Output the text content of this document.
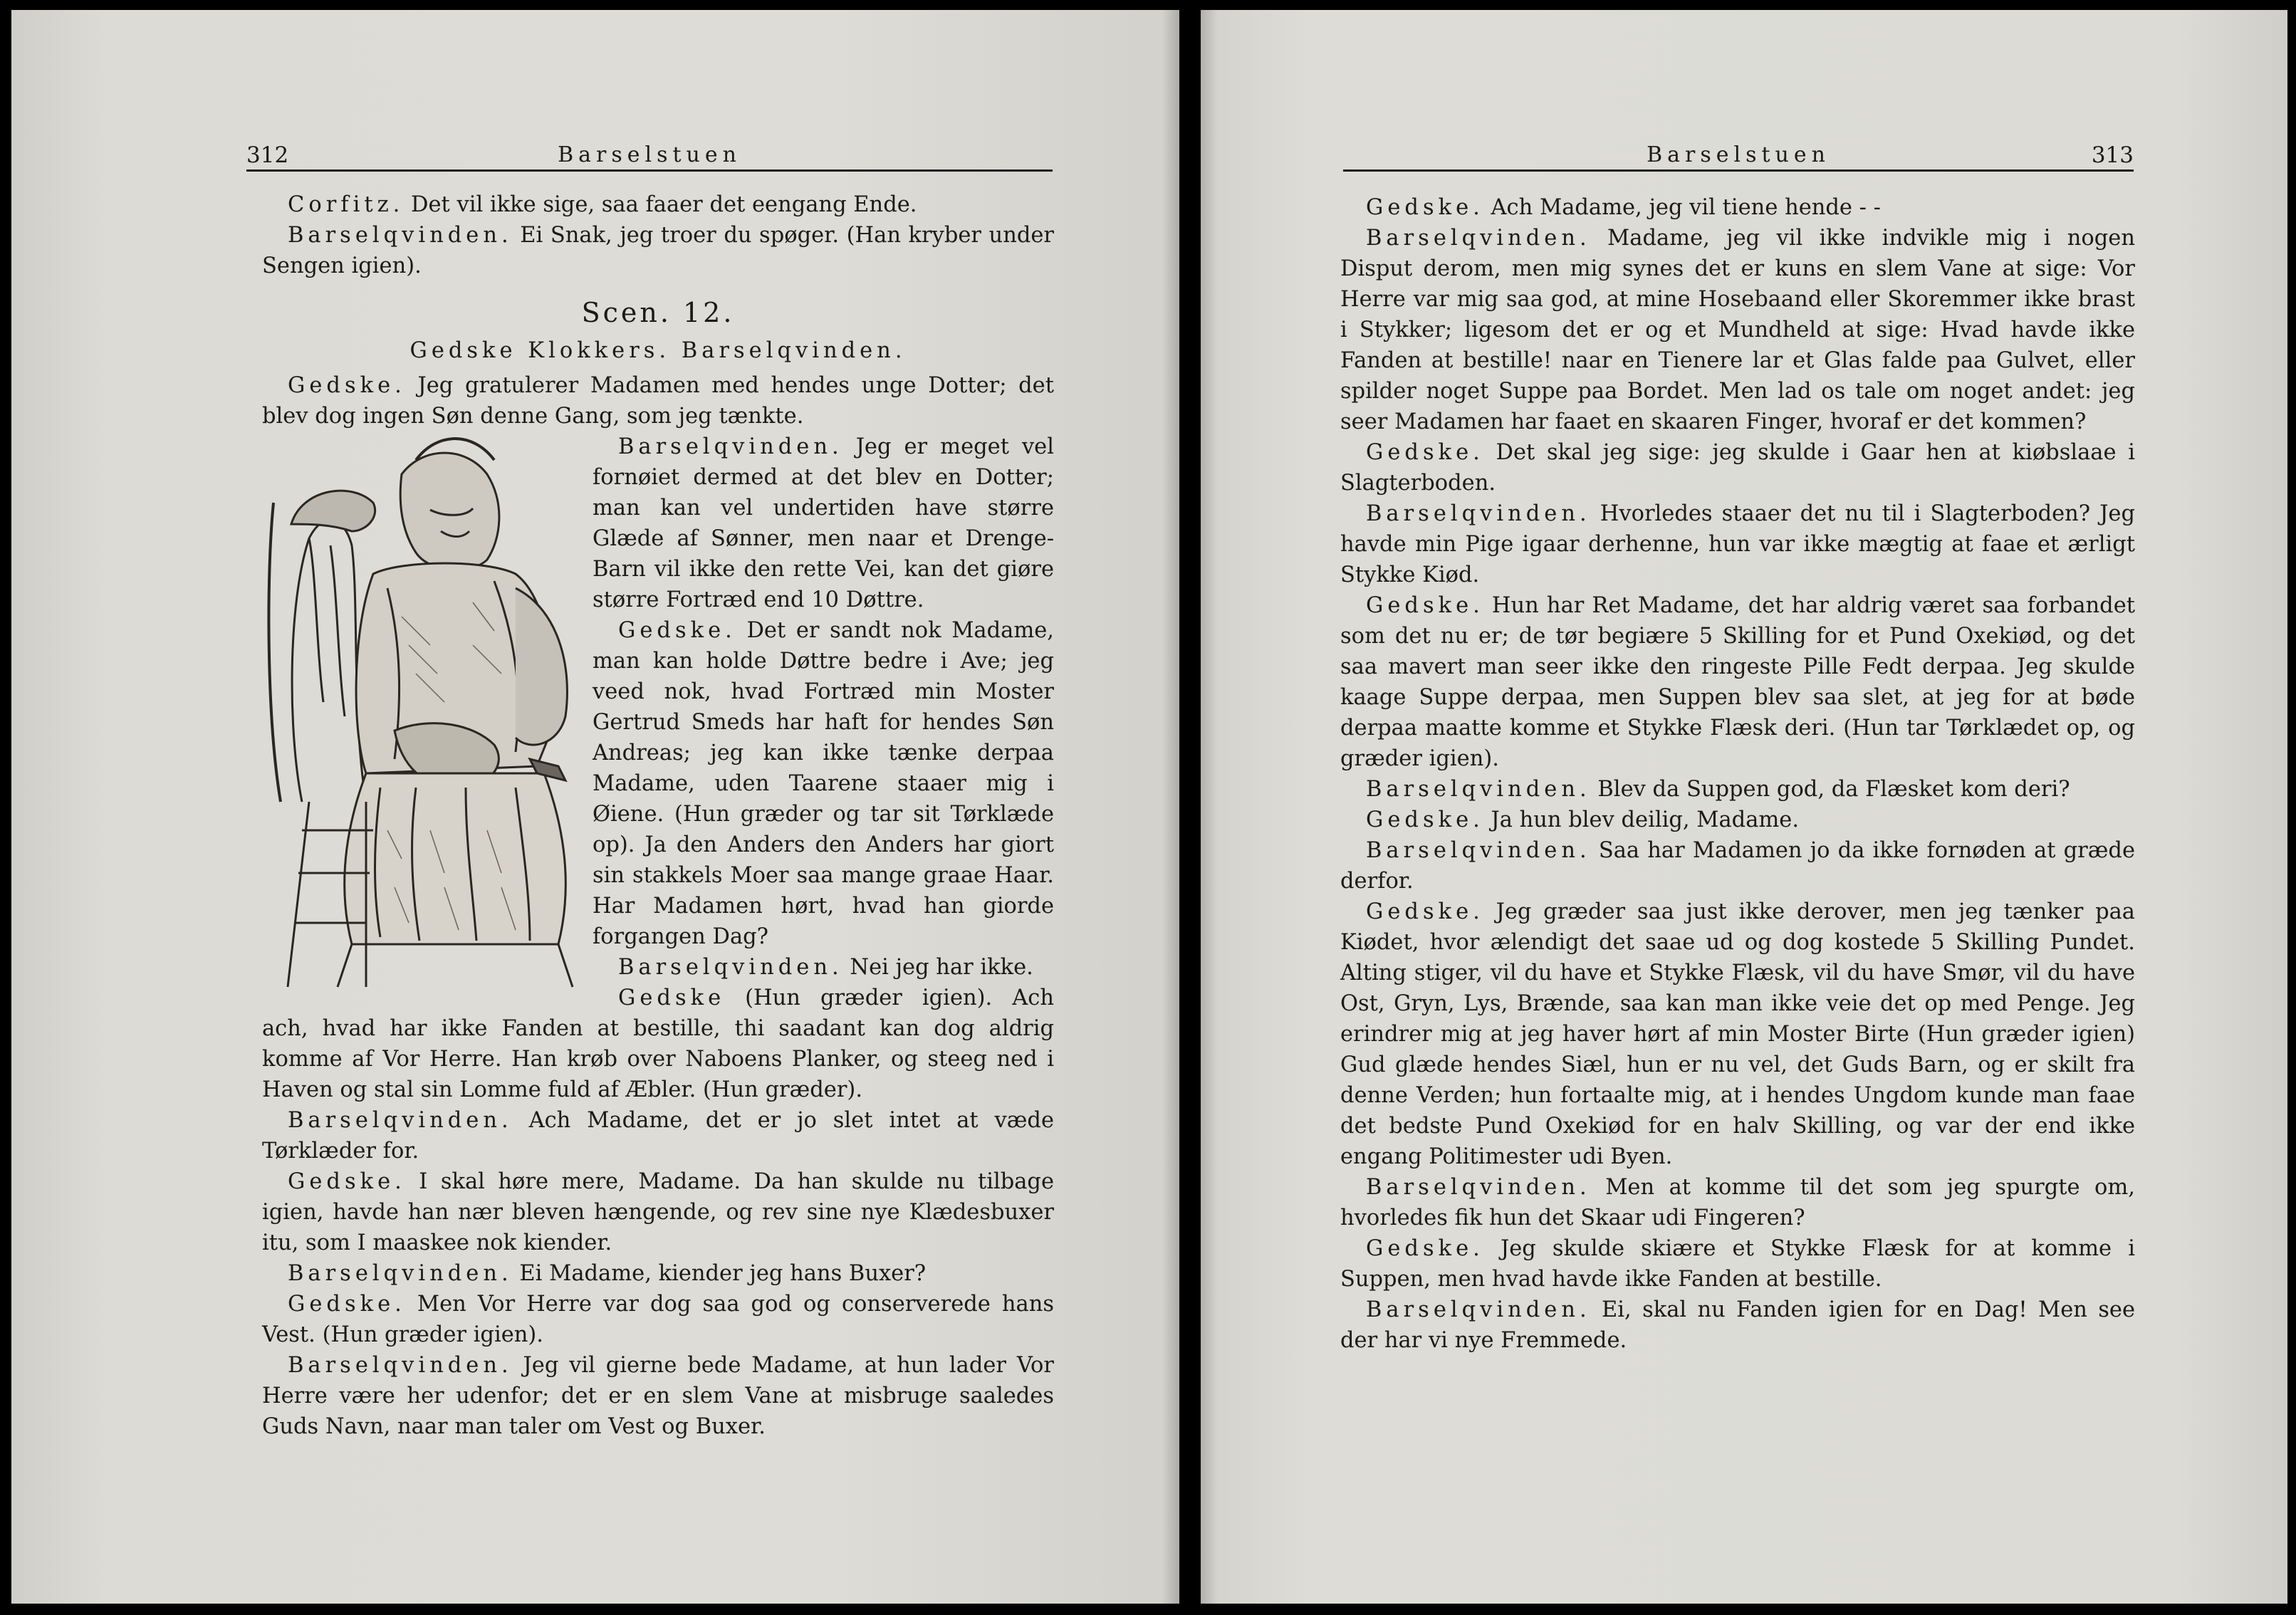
312	Barselstuen

Corfitz. Det vil ikke sige, saa faaer det eengang Ende.

Barselqvinden. Ei Snak, jeg troer du spøger. (Han kryber under Sengen igien).

Scen. 12.
Gedske Klokkers. Barselqvinden.

Gedske. Jeg gratulerer Madamen med hendes unge Dotter; det blev dog ingen Søn denne Gang, som jeg tænkte.

Barselqvinden. Jeg er meget vel fornøiet dermed at det blev en Dotter; man kan vel undertiden have større Glæde af Sønner, men naar et Drenge-Barn vil ikke den rette Vei, kan det giøre større Fortræd end 10 Døttre.

Gedske. Det er sandt nok Madame, man kan holde Døttre bedre i Ave; jeg veed nok, hvad Fortræd min Moster Gertrud Smeds har haft for hendes Søn Andreas; jeg kan ikke tænke derpaa Madame, uden Taarene staaer mig i Øiene. (Hun græder og tar sit Tørklæde op). Ja den Anders den Anders har giort sin stakkels Moer saa mange graae Haar. Har Madamen hørt, hvad han giorde forgangen Dag?

Barselqvinden. Nei jeg har ikke.

Gedske (Hun græder igien). Ach ach, hvad har ikke Fanden at bestille, thi saadant kan dog aldrig komme af Vor Herre. Han krøb over Naboens Planker, og steeg ned i Haven og stal sin Lomme fuld af Æbler. (Hun græder).

Barselqvinden. Ach Madame, det er jo slet intet at væde Tørklæder for.

Gedske. I skal høre mere, Madame. Da han skulde nu tilbage igien, havde han nær bleven hængende, og rev sine nye Klædesbuxer itu, som I maaskee nok kiender.

Barselqvinden. Ei Madame, kiender jeg hans Buxer?

Gedske. Men Vor Herre var dog saa god og conserverede hans Vest. (Hun græder igien).

Barselqvinden. Jeg vil gierne bede Madame, at hun lader Vor Herre være her udenfor; det er en slem Vane at misbruge saaledes Guds Navn, naar man taler om Vest og Buxer.

Barselstuen	313

Gedske. Ach Madame, jeg vil tiene hende ‑ ‑

Barselqvinden. Madame, jeg vil ikke indvikle mig i nogen Disput derom, men mig synes det er kuns en slem Vane at sige: Vor Herre var mig saa god, at mine Hosebaand eller Skoremmer ikke brast i Stykker; ligesom det er og et Mundheld at sige: Hvad havde ikke Fanden at bestille! naar en Tienere lar et Glas falde paa Gulvet, eller spilder noget Suppe paa Bordet. Men lad os tale om noget andet: jeg seer Madamen har faaet en skaaren Finger, hvoraf er det kommen?

Gedske. Det skal jeg sige: jeg skulde i Gaar hen at kiøbslaae i Slagterboden.

Barselqvinden. Hvorledes staaer det nu til i Slagterboden? Jeg havde min Pige igaar derhenne, hun var ikke mægtig at faae et ærligt Stykke Kiød.

Gedske. Hun har Ret Madame, det har aldrig været saa forbandet som det nu er; de tør begiære 5 Skilling for et Pund Oxekiød, og det saa mavert man seer ikke den ringeste Pille Fedt derpaa. Jeg skulde kaage Suppe derpaa, men Suppen blev saa slet, at jeg for at bøde derpaa maatte komme et Stykke Flæsk deri. (Hun tar Tørklædet op, og græder igien).

Barselqvinden. Blev da Suppen god, da Flæsket kom deri?

Gedske. Ja hun blev deilig, Madame.

Barselqvinden. Saa har Madamen jo da ikke fornøden at græde derfor.

Gedske. Jeg græder saa just ikke derover, men jeg tænker paa Kiødet, hvor ælendigt det saae ud og dog kostede 5 Skilling Pundet. Alting stiger, vil du have et Stykke Flæsk, vil du have Smør, vil du have Ost, Gryn, Lys, Brænde, saa kan man ikke veie det op med Penge. Jeg erindrer mig at jeg haver hørt af min Moster Birte (Hun græder igien) Gud glæde hendes Siæl, hun er nu vel, det Guds Barn, og er skilt fra denne Verden; hun fortaalte mig, at i hendes Ungdom kunde man faae det bedste Pund Oxekiød for en halv Skilling, og var der end ikke engang Politimester udi Byen.

Barselqvinden. Men at komme til det som jeg spurgte om, hvorledes fik hun det Skaar udi Fingeren?

Gedske. Jeg skulde skiære et Stykke Flæsk for at komme i Suppen, men hvad havde ikke Fanden at bestille.

Barselqvinden. Ei, skal nu Fanden igien for en Dag! Men see der har vi nye Fremmede.
